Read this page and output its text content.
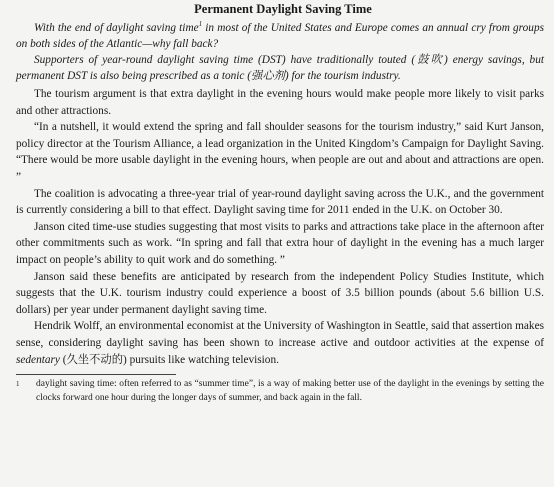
Permanent Daylight Saving Time

With the end of daylight saving time$^1$ in most of the United States and Europe comes an annual cry from groups on both sides of the Atlantic—why fall back?

Supporters of year-round daylight saving time (DST) have traditionally touted (鼓吹) energy savings, but permanent DST is also being prescribed as a tonic (强心剂) for the tourism industry.

The tourism argument is that extra daylight in the evening hours would make people more likely to visit parks and other attractions.

“In a nutshell, it would extend the spring and fall shoulder seasons for the tourism industry,” said Kurt Janson, policy director at the Tourism Alliance, a lead organization in the United Kingdom’s Campaign for Daylight Saving. “There would be more usable daylight in the evening hours, when people are out and about and attractions are open. ”

The coalition is advocating a three-year trial of year-round daylight saving across the U.K., and the government is currently considering a bill to that effect. Daylight saving time for 2011 ended in the U.K. on October 30.

Janson cited time-use studies suggesting that most visits to parks and attractions take place in the afternoon after other commitments such as work. “In spring and fall that extra hour of daylight in the evening has a much larger impact on people’s ability to quit work and do something. ”

Janson said these benefits are anticipated by research from the independent Policy Studies Institute, which suggests that the U.K. tourism industry could experience a boost of 3.5 billion pounds (about 5.6 billion U.S. dollars) per year under permanent daylight saving time.

Hendrik Wolff, an environmental economist at the University of Washington in Seattle, said that assertion makes sense, considering daylight saving has been shown to increase active and outdoor activities at the expense of sedentary (久坐不动的) pursuits like watching television.

1 daylight saving time: often referred to as “summer time”, is a way of making better use of the daylight in the evenings by setting the clocks forward one hour during the longer days of summer, and back again in the fall.
